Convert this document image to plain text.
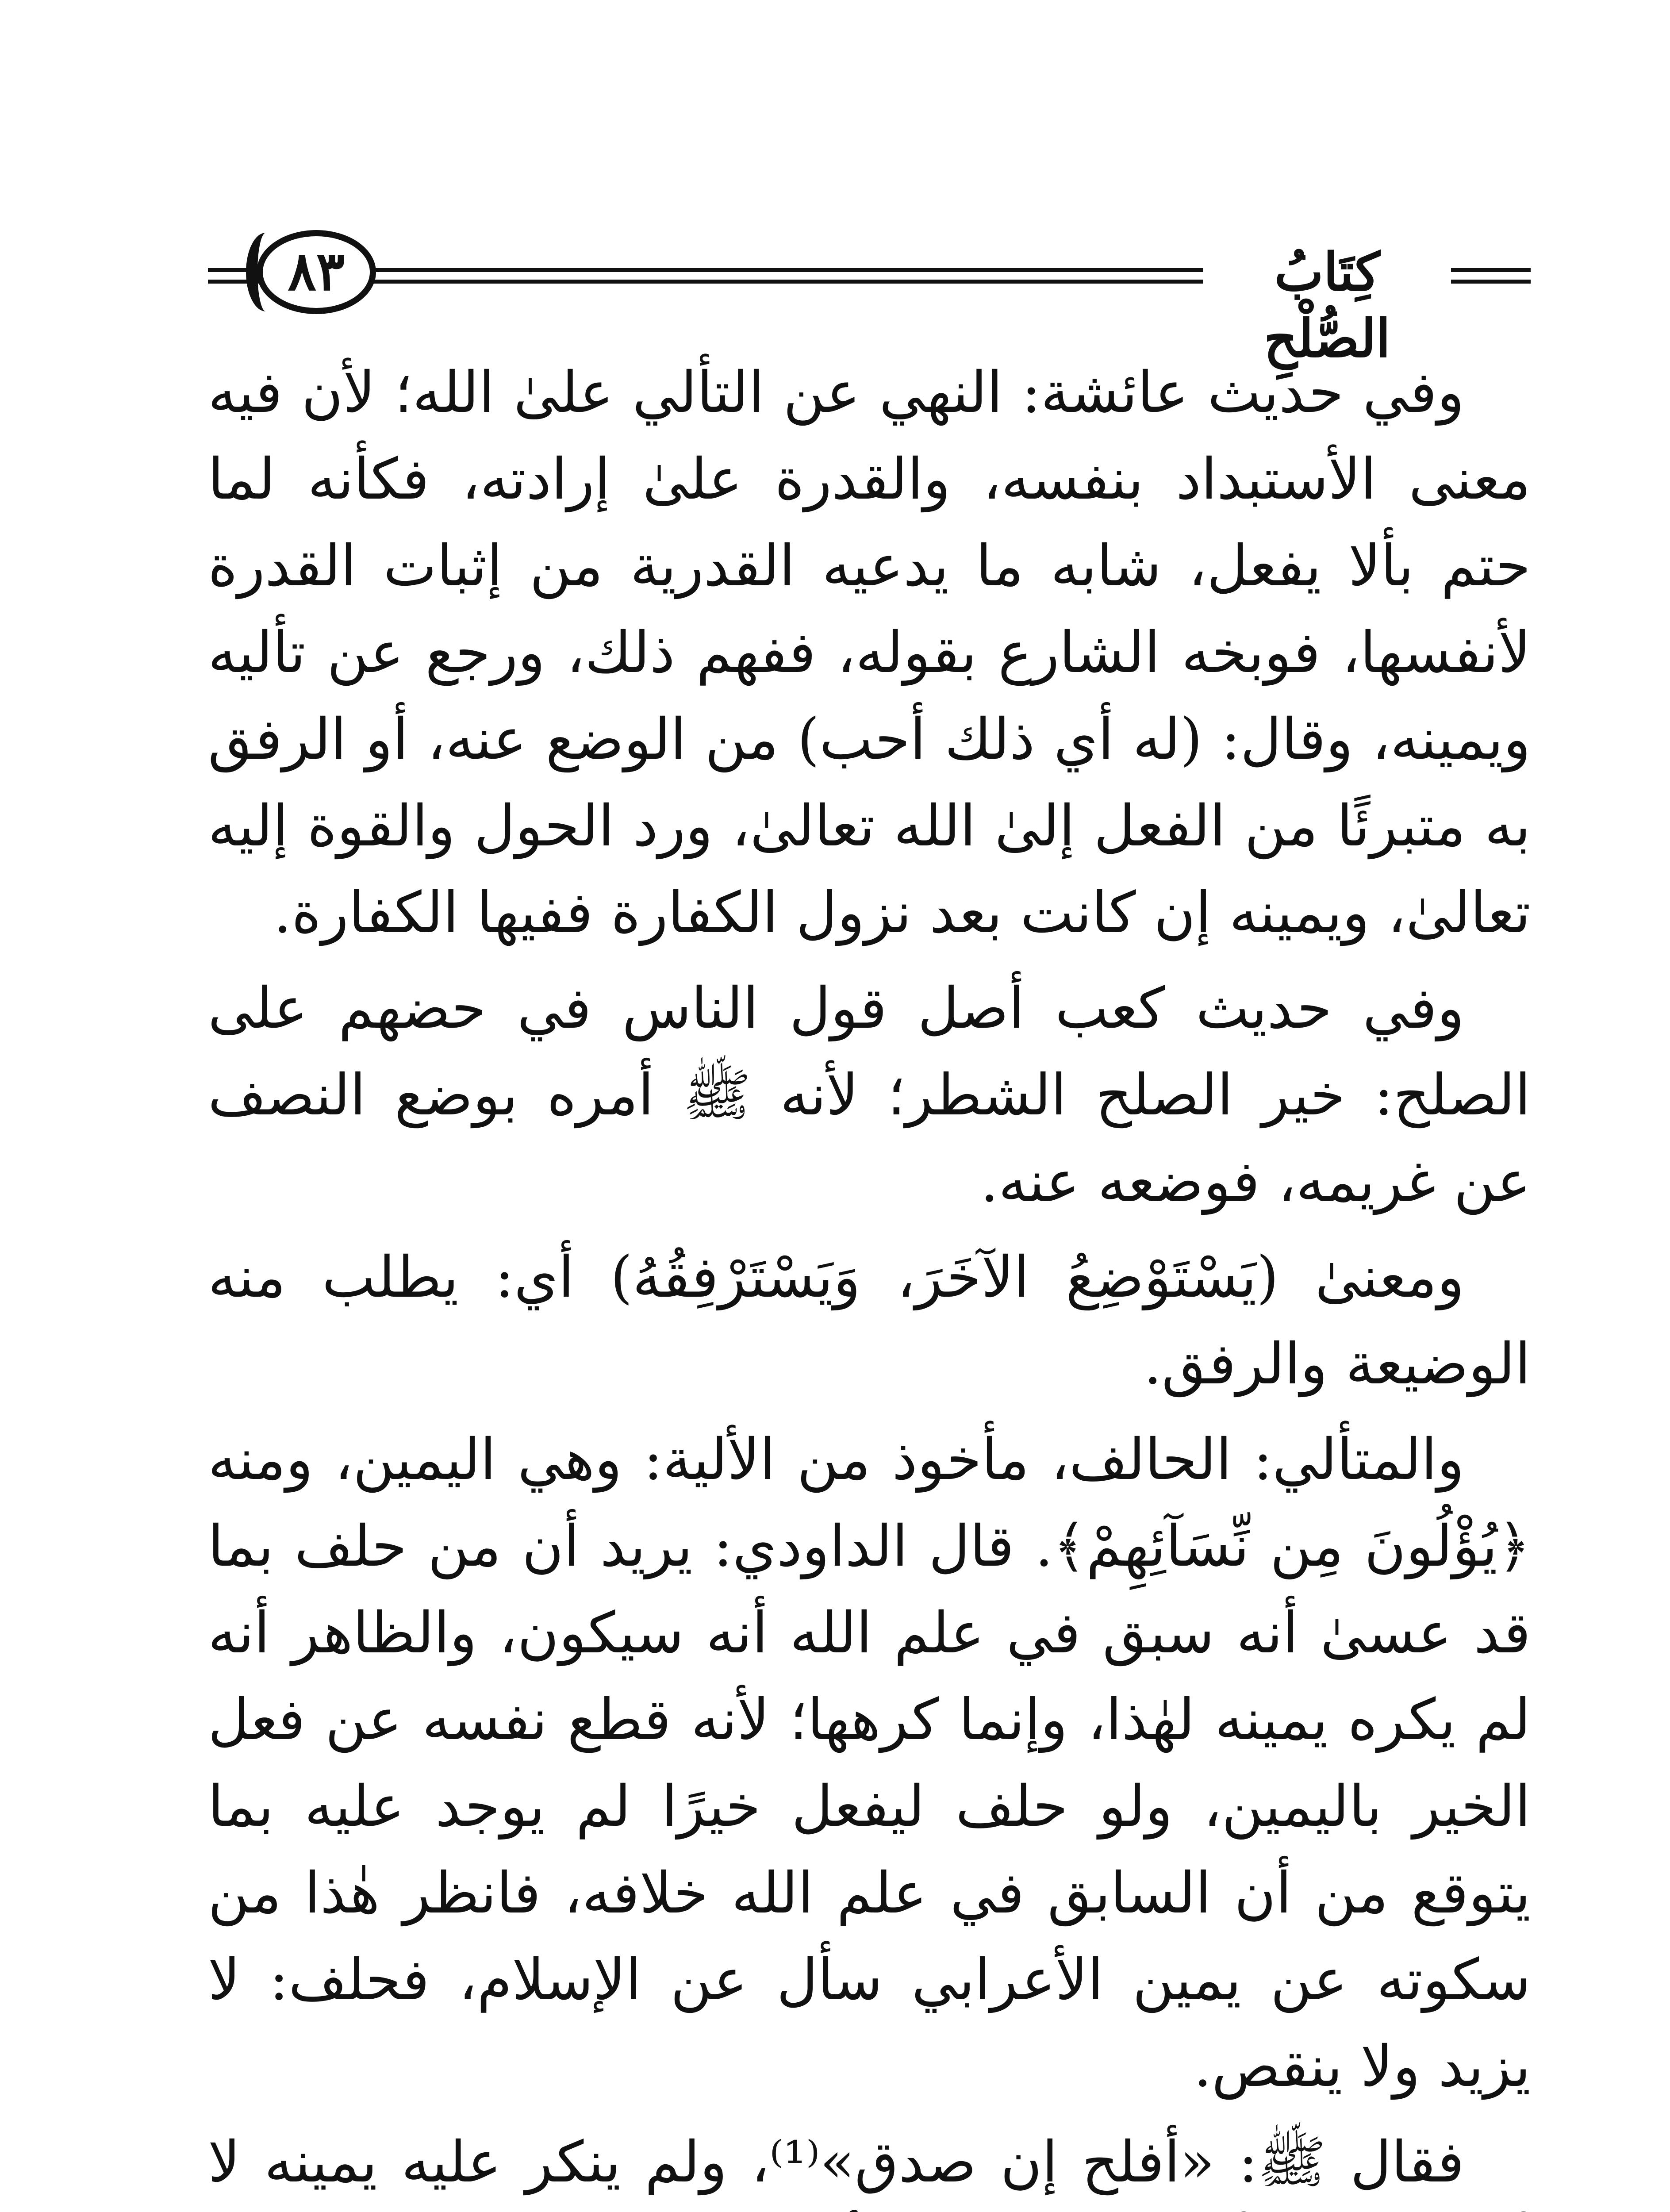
كِتَابُ الصُّلْحِ
٨٣

وفي حديث عائشة: النهي عن التألي علىٰ الله؛ لأن فيه معنى الأستبداد بنفسه، والقدرة علىٰ إرادته، فكأنه لما حتم بألا يفعل، شابه ما يدعيه القدرية من إثبات القدرة لأنفسها، فوبخه الشارع بقوله، ففهم ذلك، ورجع عن تأليه ويمينه، وقال: (له أي ذلك أحب) من الوضع عنه، أو الرفق به متبرئًا من الفعل إلىٰ الله تعالىٰ، ورد الحول والقوة إليه تعالىٰ، ويمينه إن كانت بعد نزول الكفارة ففيها الكفارة.

وفي حديث كعب أصل قول الناس في حضهم على الصلح: خير الصلح الشطر؛ لأنه ﷺ أمره بوضع النصف عن غريمه، فوضعه عنه.

ومعنىٰ (يَسْتَوْضِعُ الآخَرَ، وَيَسْتَرْفِقُهُ) أي: يطلب منه الوضيعة والرفق.

والمتألي: الحالف، مأخوذ من الألية: وهي اليمين، ومنه ﴿يُؤْلُونَ مِن نِّسَآئِهِمْ﴾. قال الداودي: يريد أن من حلف بما قد عسىٰ أنه سبق في علم الله أنه سيكون، والظاهر أنه لم يكره يمينه لهٰذا، وإنما كرهها؛ لأنه قطع نفسه عن فعل الخير باليمين، ولو حلف ليفعل خيرًا لم يوجد عليه بما يتوقع من أن السابق في علم الله خلافه، فانظر هٰذا من سكوته عن يمين الأعرابي سأل عن الإسلام، فحلف: لا يزيد ولا ينقص.

فقال ﷺ: «أفلح إن صدق»⁽¹⁾، ولم ينكر عليه يمينه لا
